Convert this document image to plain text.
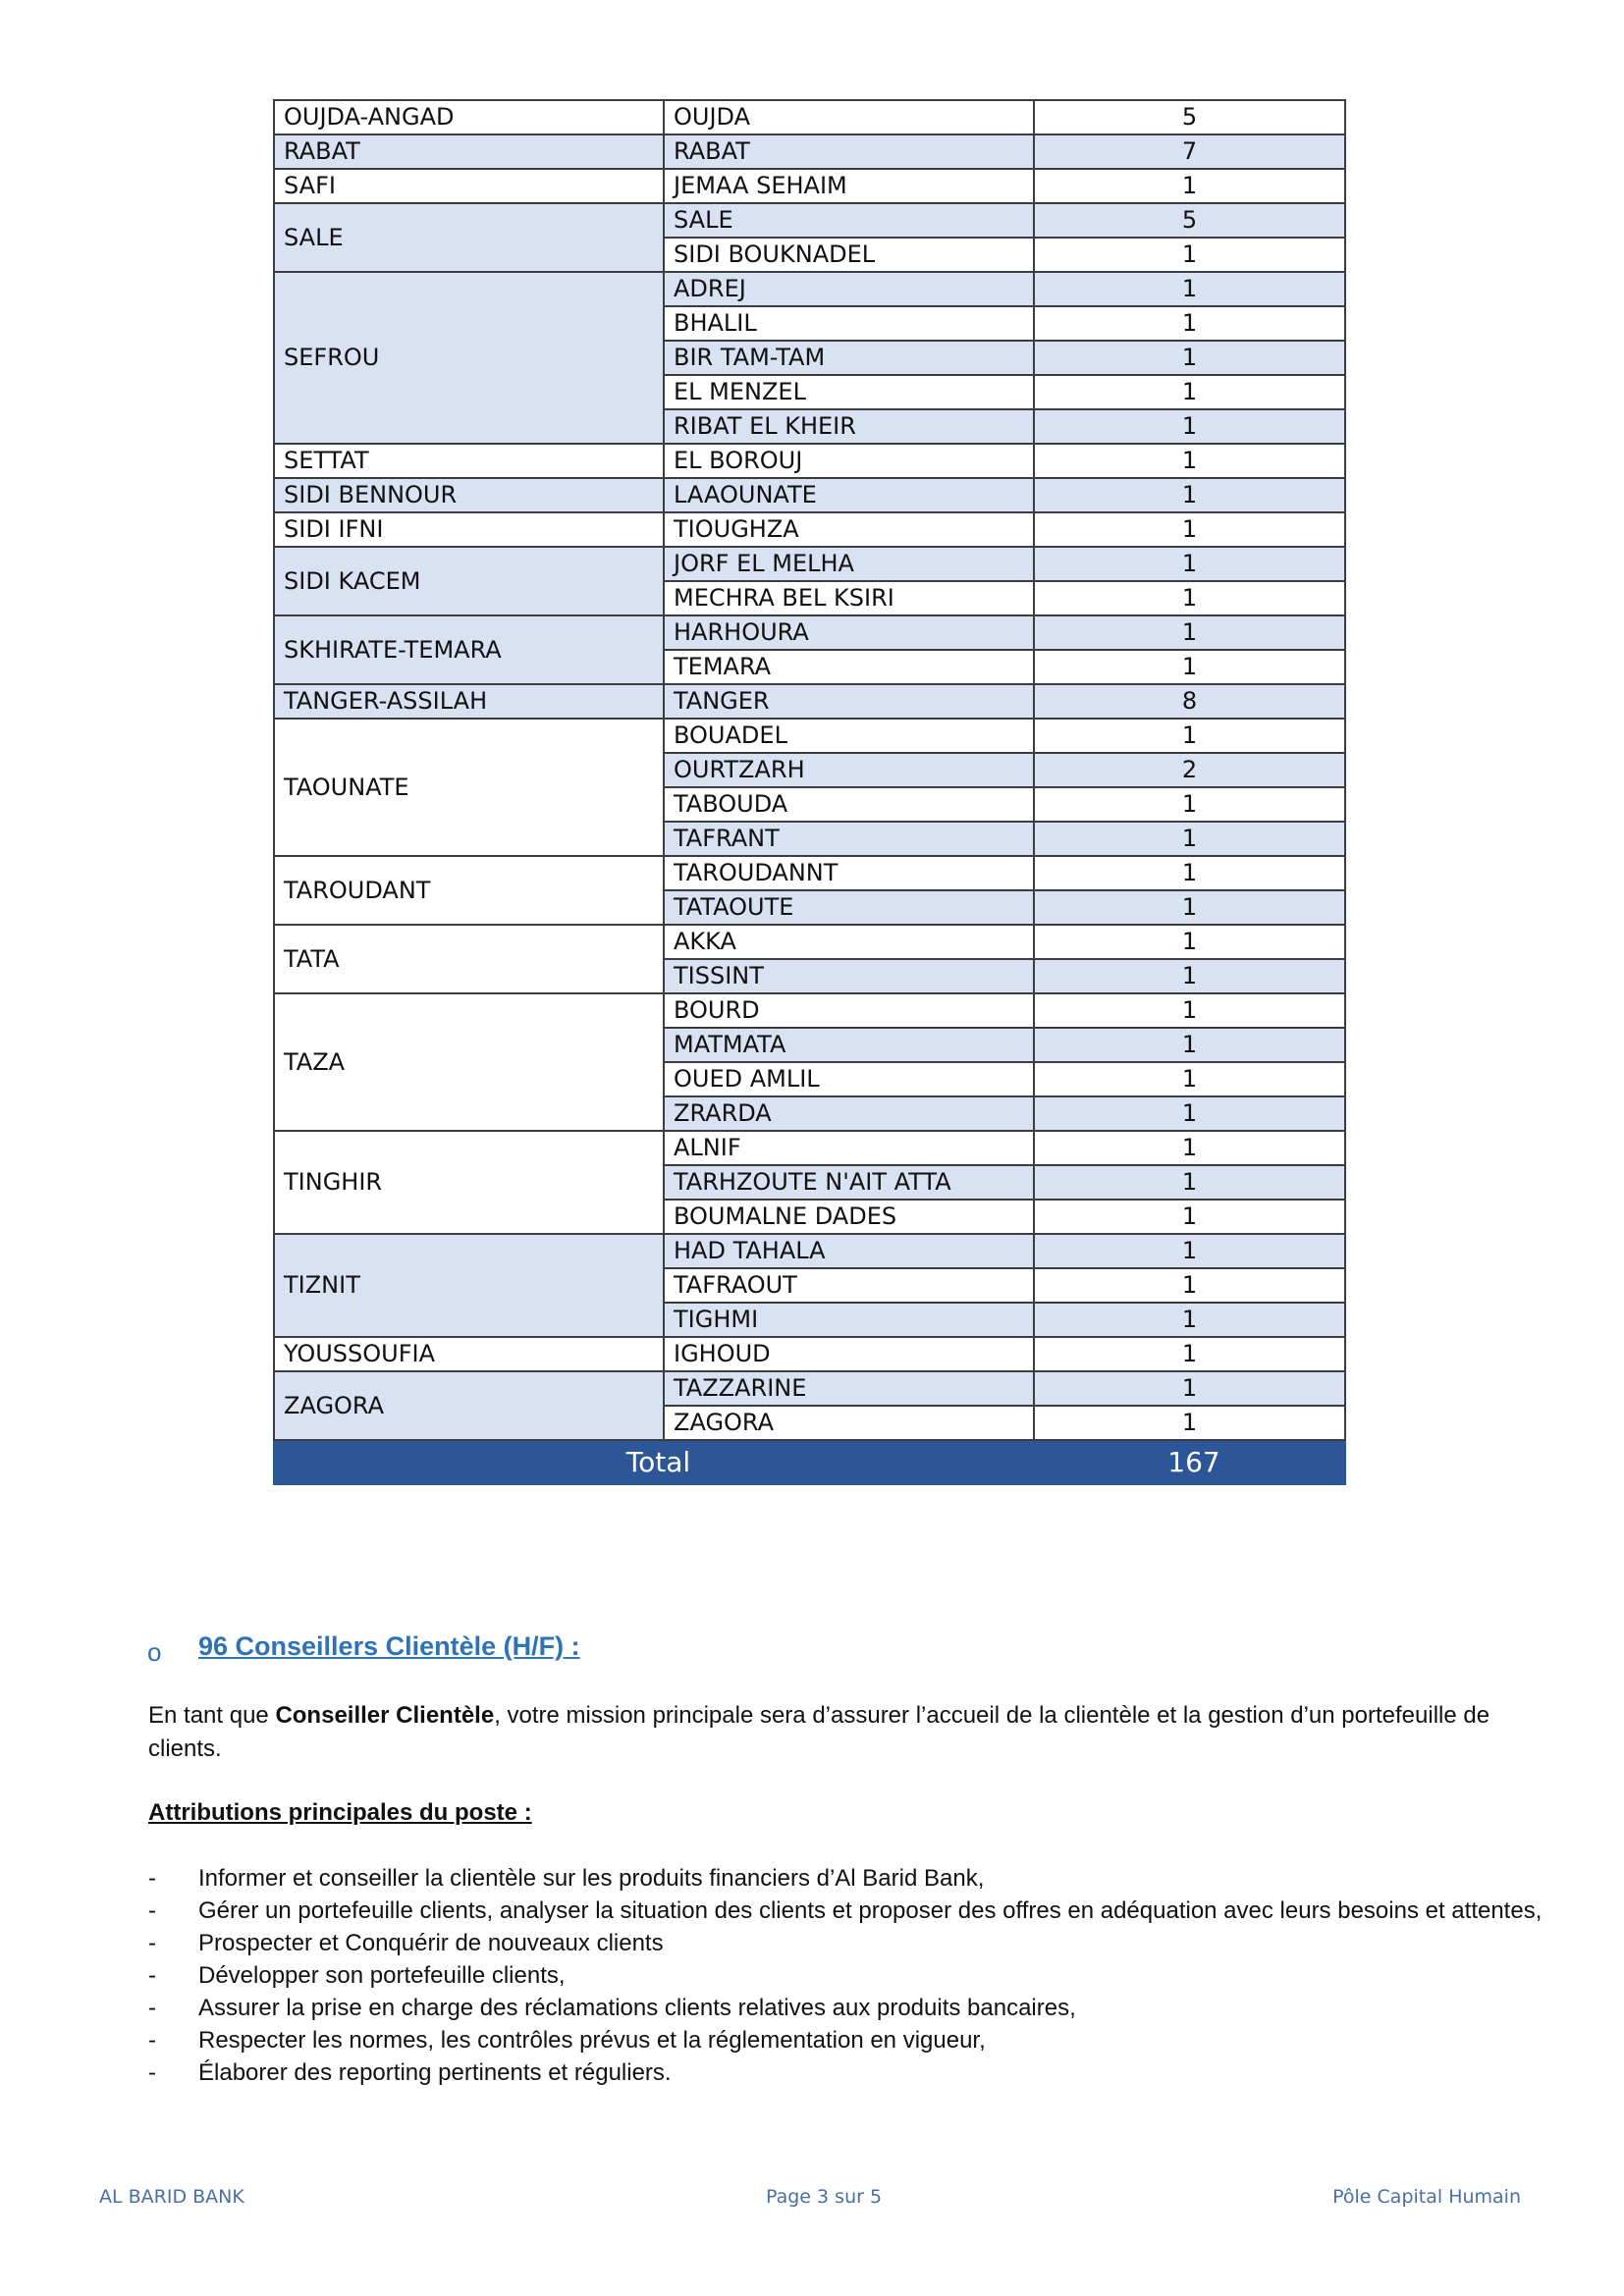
OUJDA-ANGAD	OUJDA	5
RABAT	RABAT	7
SAFI	JEMAA SEHAIM	1
SALE	SALE	5
	SIDI BOUKNADEL	1
SEFROU	ADREJ	1
	BHALIL	1
	BIR TAM-TAM	1
	EL MENZEL	1
	RIBAT EL KHEIR	1
SETTAT	EL BOROUJ	1
SIDI BENNOUR	LAAOUNATE	1
SIDI IFNI	TIOUGHZA	1
SIDI KACEM	JORF EL MELHA	1
	MECHRA BEL KSIRI	1
SKHIRATE-TEMARA	HARHOURA	1
	TEMARA	1
TANGER-ASSILAH	TANGER	8
TAOUNATE	BOUADEL	1
	OURTZARH	2
	TABOUDA	1
	TAFRANT	1
TAROUDANT	TAROUDANNT	1
	TATAOUTE	1
TATA	AKKA	1
	TISSINT	1
TAZA	BOURD	1
	MATMATA	1
	OUED AMLIL	1
	ZRARDA	1
TINGHIR	ALNIF	1
	TARHZOUTE N'AIT ATTA	1
	BOUMALNE DADES	1
TIZNIT	HAD TAHALA	1
	TAFRAOUT	1
	TIGHMI	1
YOUSSOUFIA	IGHOUD	1
ZAGORA	TAZZARINE	1
	ZAGORA	1
Total		167
o 96 Conseillers Clientèle (H/F) :
En tant que Conseiller Clientèle, votre mission principale sera d’assurer l’accueil de la clientèle et la gestion d’un portefeuille de clients.
Attributions principales du poste :
- Informer et conseiller la clientèle sur les produits financiers d’Al Barid Bank,
- Gérer un portefeuille clients, analyser la situation des clients et proposer des offres en adéquation avec leurs besoins et attentes,
- Prospecter et Conquérir de nouveaux clients
- Développer son portefeuille clients,
- Assurer la prise en charge des réclamations clients relatives aux produits bancaires,
- Respecter les normes, les contrôles prévus et la réglementation en vigueur,
- Élaborer des reporting pertinents et réguliers.
AL BARID BANK	Page 3 sur 5	Pôle Capital Humain
